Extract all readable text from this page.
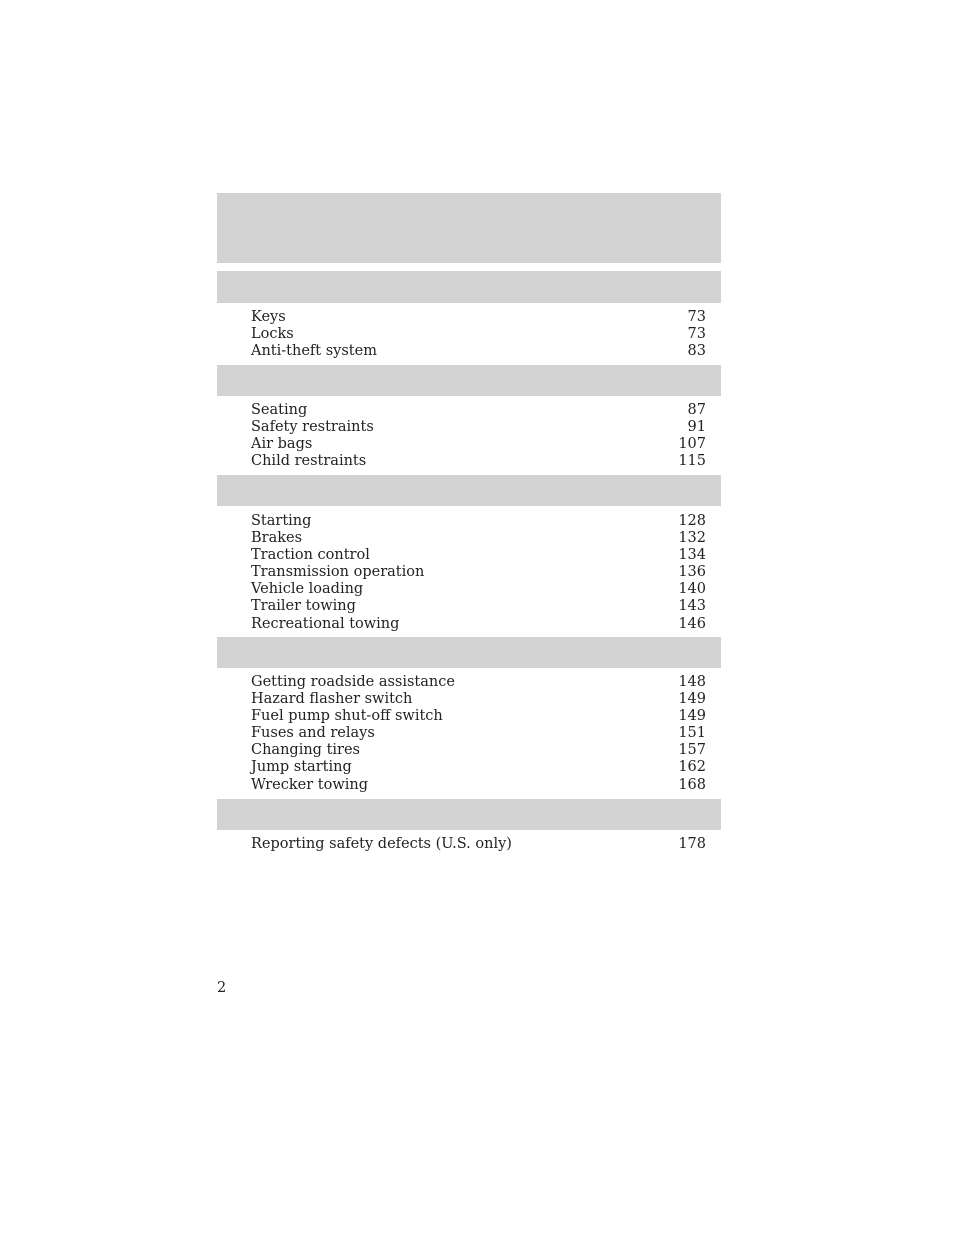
Keys	73
Locks	73
Anti-theft system	83
Seating	87
Safety restraints	91
Air bags	107
Child restraints	115
Starting	128
Brakes	132
Traction control	134
Transmission operation	136
Vehicle loading	140
Trailer towing	143
Recreational towing	146
Getting roadside assistance	148
Hazard flasher switch	149
Fuel pump shut-off switch	149
Fuses and relays	151
Changing tires	157
Jump starting	162
Wrecker towing	168
Reporting safety defects (U.S. only)	178
2
